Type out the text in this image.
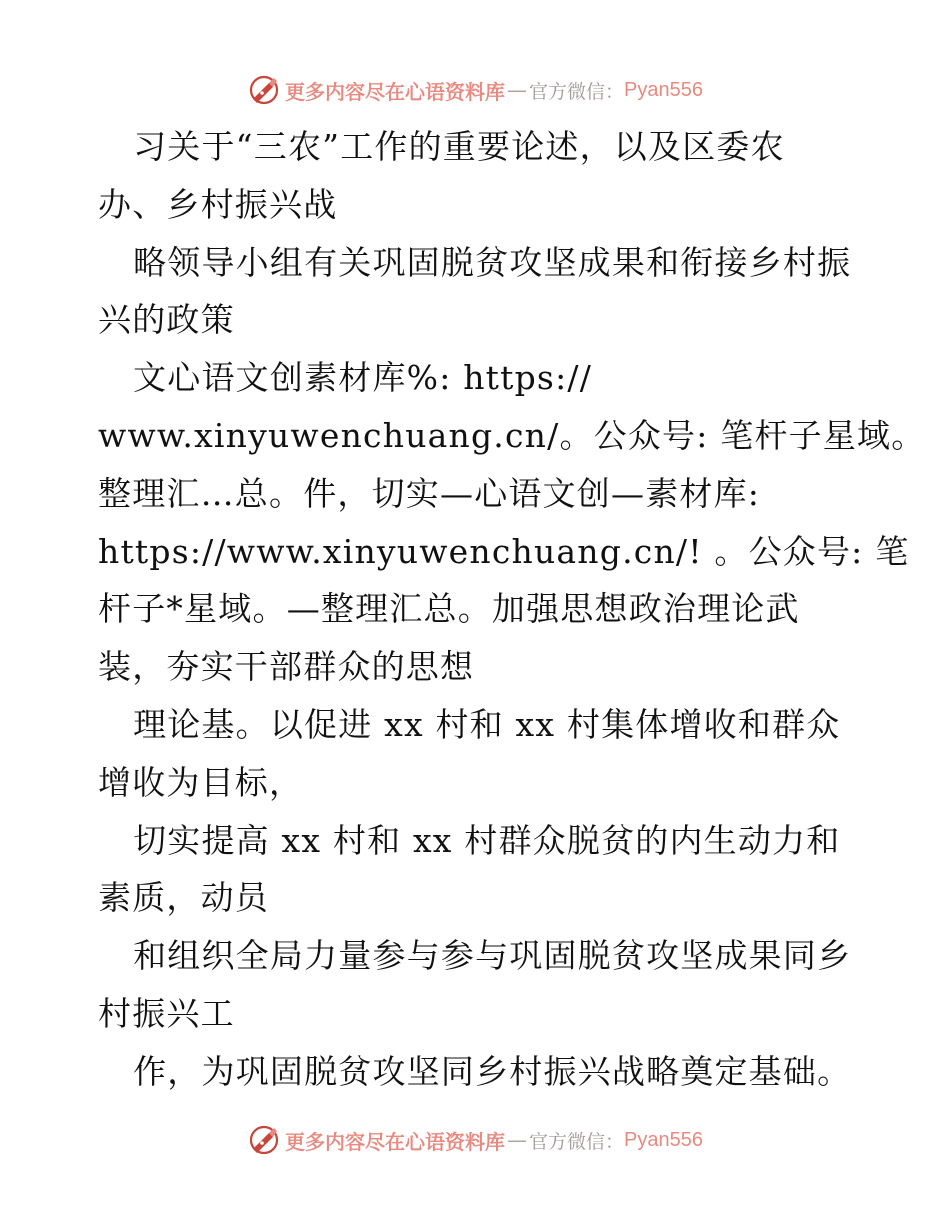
更多内容尽在心语资料库 — 官方微信： Pyan556
习关于“三农”工作的重要论述，以及区委农
办、乡村振兴战
略领导小组有关巩固脱贫攻坚成果和衔接乡村振
兴的政策
文心语文创素材库%: https://
www.xinyuwenchuang.cn/。公众号: 笔杆子星域。
整理汇…总。件，切实—心语文创—素材库:
https://www.xinyuwenchuang.cn/! 。公众号: 笔
杆子*星域。—整理汇总。加强思想政治理论武
装，夯实干部群众的思想
理论基。以促进 xx 村和 xx 村集体增收和群众
增收为目标，
切实提高 xx 村和 xx 村群众脱贫的内生动力和
素质，动员
和组织全局力量参与参与巩固脱贫攻坚成果同乡
村振兴工
作，为巩固脱贫攻坚同乡村振兴战略奠定基础。
更多内容尽在心语资料库 — 官方微信： Pyan556
